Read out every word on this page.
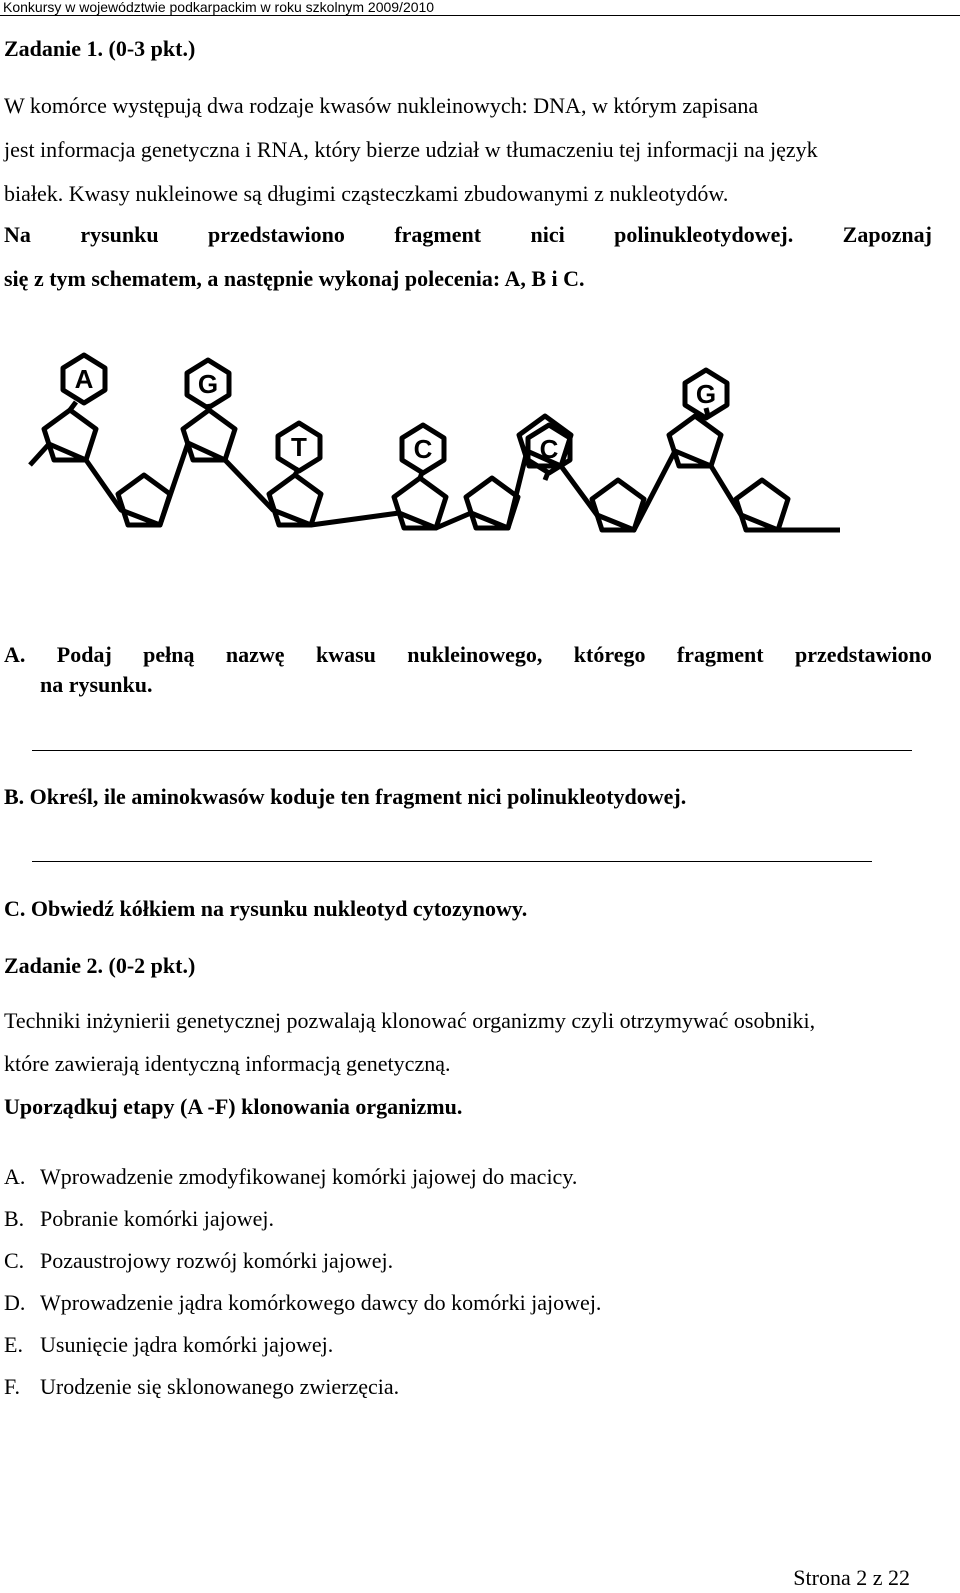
Konkursy w województwie podkarpackim w roku szkolnym 2009/2010
Zadanie 1. (0-3 pkt.)
W komórce występują dwa rodzaje kwasów nukleinowych: DNA, w którym zapisana
jest informacja genetyczna i RNA, który bierze udział w tłumaczeniu tej informacji na język
białek. Kwasy nukleinowe są długimi cząsteczkami zbudowanymi z nukleotydów.
Na rysunku przedstawiono fragment nici polinukleotydowej. Zapoznaj
się z tym schematem, a następnie wykonaj polecenia: A, B i C.
A	G
T	C	C
G
A. Podaj pełną nazwę kwasu nukleinowego, którego fragment przedstawiono
na rysunku.
B. Określ, ile aminokwasów koduje ten fragment nici polinukleotydowej.
C. Obwiedź kółkiem na rysunku nukleotyd cytozynowy.
Zadanie 2. (0-2 pkt.)
Techniki inżynierii genetycznej pozwalają klonować organizmy czyli otrzymywać osobniki,
które zawierają identyczną informacją genetyczną.
Uporządkuj etapy (A -F) klonowania organizmu.
A. Wprowadzenie zmodyfikowanej komórki jajowej do macicy.
B. Pobranie komórki jajowej.
C. Pozaustrojowy rozwój komórki jajowej.
D. Wprowadzenie jądra komórkowego dawcy do komórki jajowej.
E. Usunięcie jądra komórki jajowej.
F. Urodzenie się sklonowanego zwierzęcia.
Strona 2 z 22
